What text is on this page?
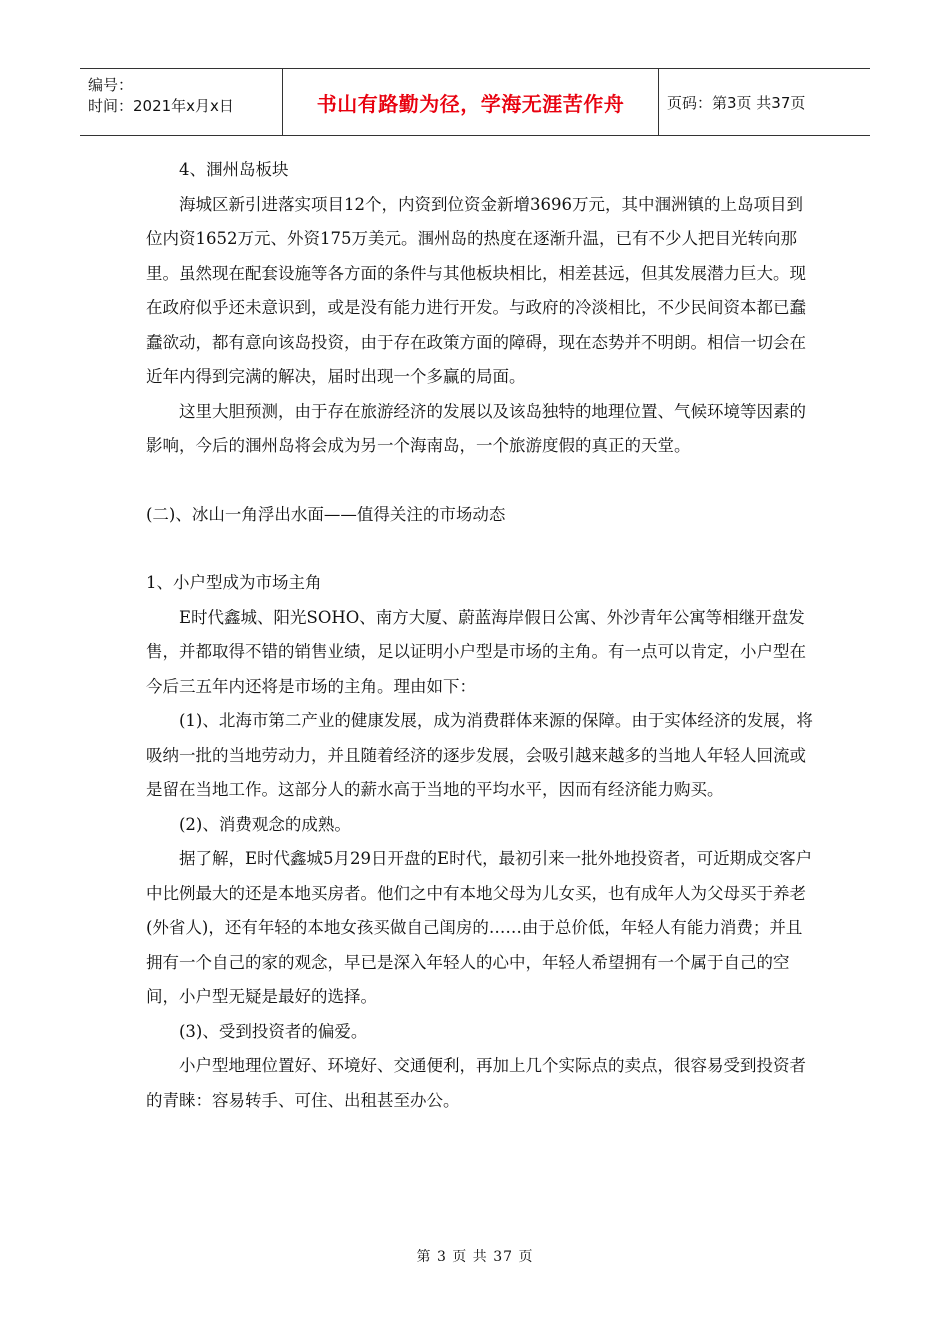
编号：
时间：2021年x月x日	书山有路勤为径，学海无涯苦作舟	页码：第3页 共37页

4、涠州岛板块

海城区新引进落实项目12个，内资到位资金新增3696万元，其中涠洲镇的上岛项目到位内资1652万元、外资175万美元。涠州岛的热度在逐渐升温，已有不少人把目光转向那里。虽然现在配套设施等各方面的条件与其他板块相比，相差甚远，但其发展潜力巨大。现在政府似乎还未意识到，或是没有能力进行开发。与政府的冷淡相比，不少民间资本都已蠢蠢欲动，都有意向该岛投资，由于存在政策方面的障碍，现在态势并不明朗。相信一切会在近年内得到完满的解决，届时出现一个多赢的局面。

这里大胆预测，由于存在旅游经济的发展以及该岛独特的地理位置、气候环境等因素的影响，今后的涠州岛将会成为另一个海南岛，一个旅游度假的真正的天堂。

(二)、冰山一角浮出水面——值得关注的市场动态

1、小户型成为市场主角

E时代鑫城、阳光SOHO、南方大厦、蔚蓝海岸假日公寓、外沙青年公寓等相继开盘发售，并都取得不错的销售业绩，足以证明小户型是市场的主角。有一点可以肯定，小户型在今后三五年内还将是市场的主角。理由如下：

(1)、北海市第二产业的健康发展，成为消费群体来源的保障。由于实体经济的发展，将吸纳一批的当地劳动力，并且随着经济的逐步发展，会吸引越来越多的当地人年轻人回流或是留在当地工作。这部分人的薪水高于当地的平均水平，因而有经济能力购买。

(2)、消费观念的成熟。

据了解，E时代鑫城5月29日开盘的E时代，最初引来一批外地投资者，可近期成交客户中比例最大的还是本地买房者。他们之中有本地父母为儿女买，也有成年人为父母买于养老(外省人)，还有年轻的本地女孩买做自己闺房的……由于总价低，年轻人有能力消费；并且拥有一个自己的家的观念，早已是深入年轻人的心中，年轻人希望拥有一个属于自己的空间，小户型无疑是最好的选择。

(3)、受到投资者的偏爱。

小户型地理位置好、环境好、交通便利，再加上几个实际点的卖点，很容易受到投资者的青睐：容易转手、可住、出租甚至办公。

第 3 页 共 37 页
